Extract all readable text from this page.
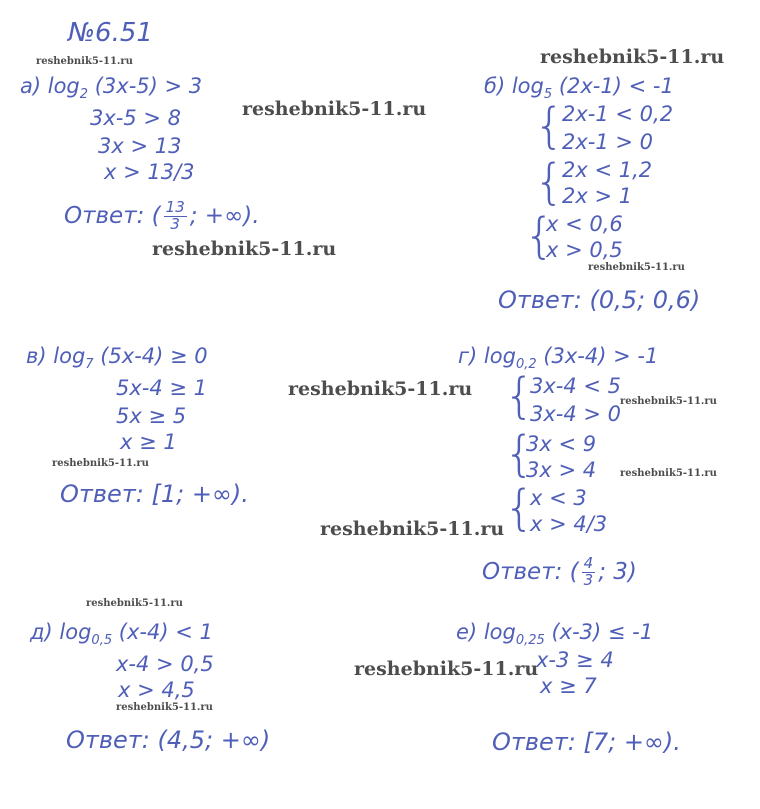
№6.51
reshebnik5-11.ru	reshebnik5-11.ru
reshebnik5-11.ru
reshebnik5-11.ru
reshebnik5-11.ru
reshebnik5-11.ru
reshebnik5-11.ru
reshebnik5-11.ru
reshebnik5-11.ru
reshebnik5-11.ru
reshebnik5-11.ru
reshebnik5-11.ru
reshebnik5-11.ru
а) $\log_2 (3x-5) > 3$
3x-5 > 8
3x > 13
x > 13/3
Ответ: ( $\frac{13}{3}$ ; +∞).
б) $\log_5 (2x-1) < -1$
{
2x-1 < 0,2
2x-1 > 0
{
2x < 1,2
2x > 1
{
x < 0,6
x > 0,5
Ответ: (0,5; 0,6)
в) $\log_7 (5x-4) \ge 0$
5x-4 ≥ 1
5x ≥ 5
x ≥ 1
Ответ: [1; +∞).
г) $\log_{0,2} (3x-4) > -1$
{
3x-4 < 5
3x-4 > 0
{
3x < 9
3x > 4
{
x < 3
x > 4/3
Ответ: ( $\frac{4}{3}$ ; 3)
д) $\log_{0,5} (x-4) < 1$
x-4 > 0,5
x > 4,5
Ответ: (4,5; +∞)
е) $\log_{0,25} (x-3) \le -1$
x-3 ≥ 4
x ≥ 7
Ответ: [7; +∞).
